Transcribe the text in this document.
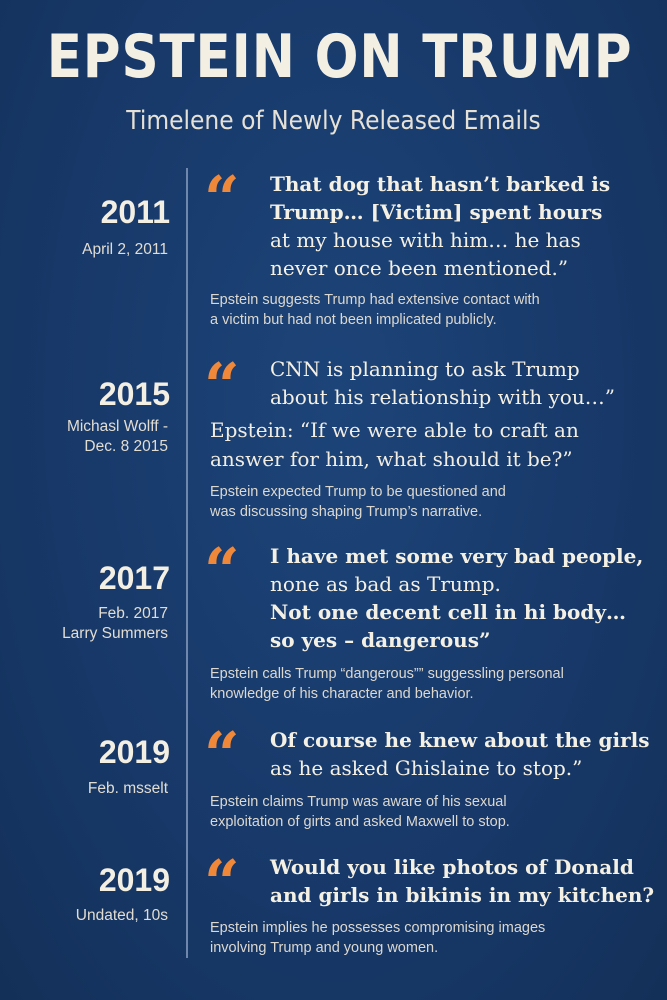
EPSTEIN ON TRUMP
Timelene of Newly Released Emails
2011
April 2, 2011
“ That dog that hasn’t barked is
Trump… [Victim] spent hours
at my house with him… he has
never once been mentioned.”
Epstein suggests Trump had extensive contact with
a victim but had not been implicated publicly.
2015
Michasl Wolff -
Dec. 8 2015
“ CNN is planning to ask Trump
about his relationship with you…”
Epstein: “If we were able to craft an
answer for him, what should it be?”
Epstein expected Trump to be questioned and
was discussing shaping Trump’s narrative.
2017
Feb. 2017
Larry Summers
“ I have met some very bad people,
none as bad as Trump.
Not one decent cell in hi body…
so yes – dangerous”
Epstein calls Trump “dangerous”” suggessling personal
knowledge of his character and behavior.
2019
Feb. msselt “ Of course he knew about the girls
as he asked Ghislaine to stop.”
Epstein claims Trump was aware of his sexual
exploitation of girts and asked Maxwell to stop.
2019
Undated, 10s “ Would you like photos of Donald
and girls in bikinis in my kitchen?
Epstein implies he possesses compromising images
involving Trump and young women.
